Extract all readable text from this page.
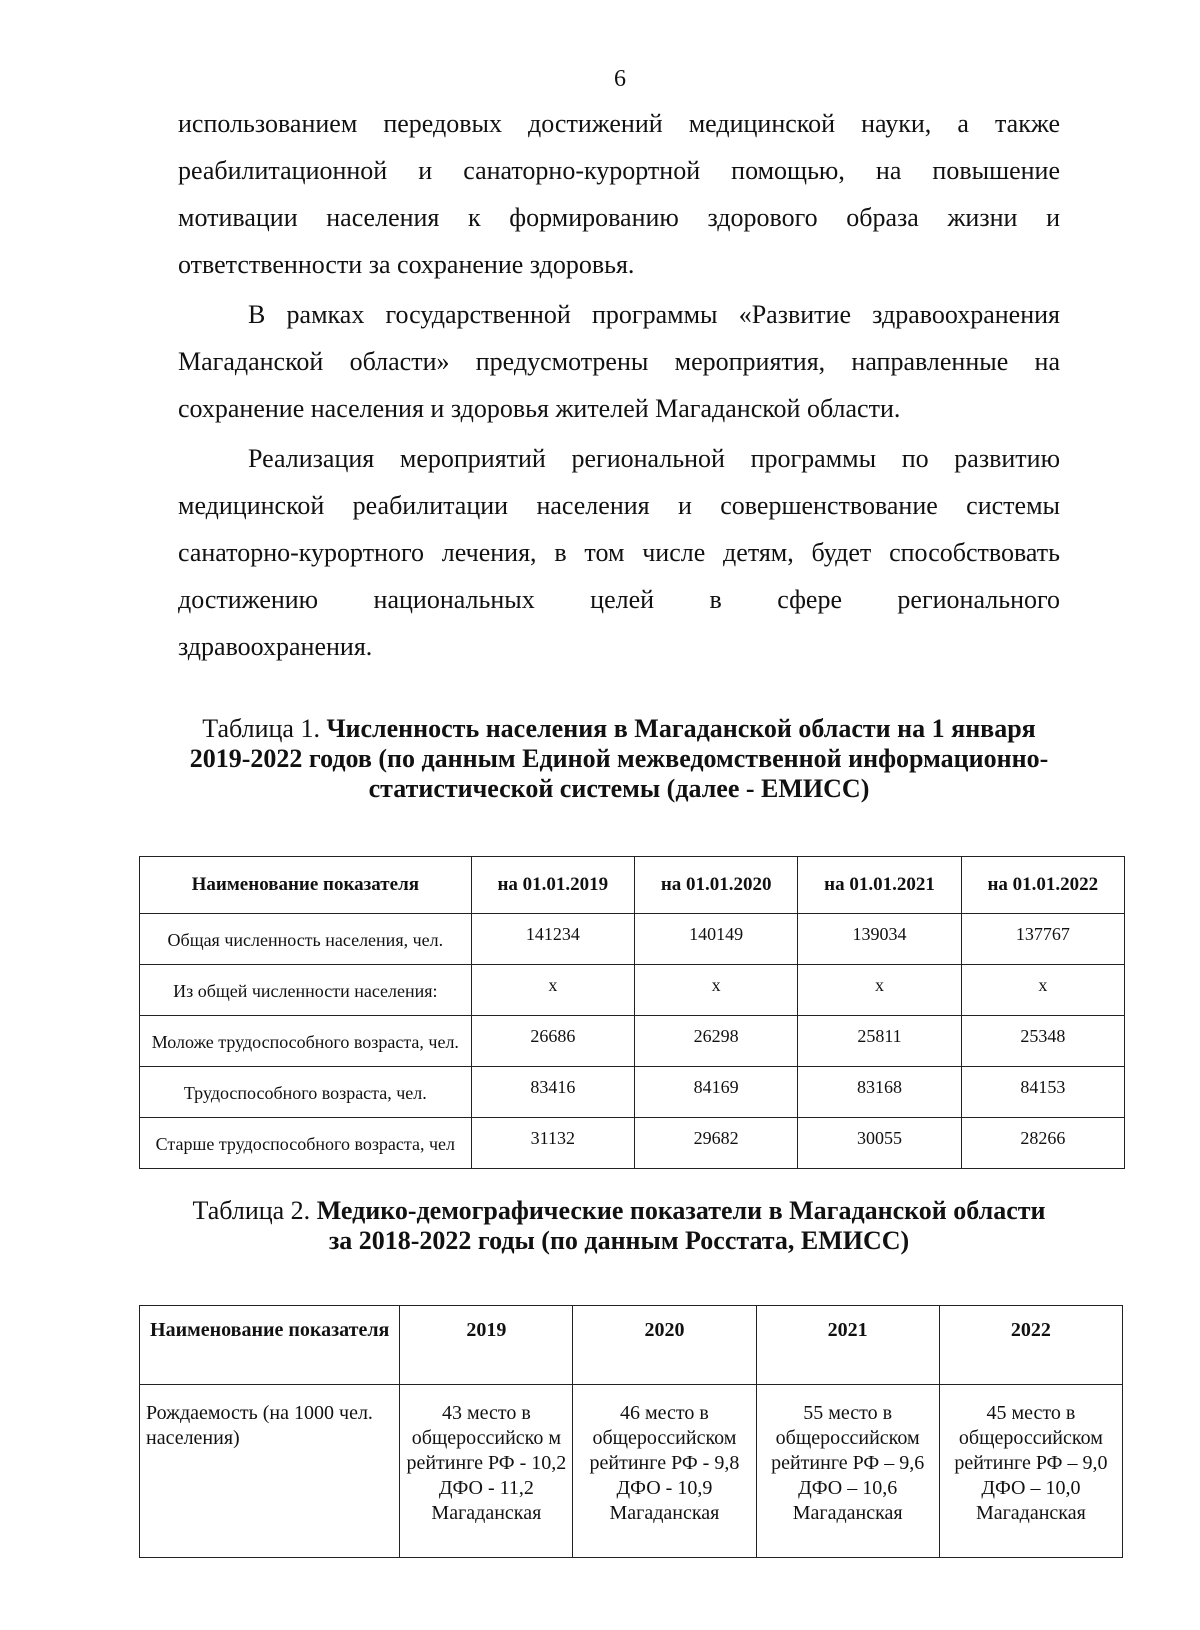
6

использованием передовых достижений медицинской науки, а также реабилитационной и санаторно-курортной помощью, на повышение мотивации населения к формированию здорового образа жизни и ответственности за сохранение здоровья.

В рамках государственной программы «Развитие здравоохранения Магаданской области» предусмотрены мероприятия, направленные на сохранение населения и здоровья жителей Магаданской области.

Реализация мероприятий региональной программы по развитию медицинской реабилитации населения и совершенствование системы санаторно-курортного лечения, в том числе детям, будет способствовать достижению национальных целей в сфере регионального

здравоохранения.

Таблица 1. Численность населения в Магаданской области на 1 января 2019-2022 годов (по данным Единой межведомственной информационно-статистической системы (далее - ЕМИСС)
Наименование показателя	на 01.01.2019	на 01.01.2020	на 01.01.2021	на 01.01.2022
Общая численность населения, чел.	141234	140149	139034	137767
Из общей численности населения:	х	х	х	х
Моложе трудоспособного возраста, чел.	26686	26298	25811	25348
Трудоспособного возраста, чел.	83416	84169	83168	84153
Старше трудоспособного возраста, чел	31132	29682	30055	28266
Таблица 2. Медико-демографические показатели в Магаданской области за 2018-2022 годы (по данным Росстата, ЕМИСС)
Наименование показателя	2019	2020	2021	2022
Рождаемость (на 1000 чел. населения)	43 место в общероссийско м рейтинге РФ - 10,2 ДФО - 11,2 Магаданская	46 место в общероссийском рейтинге РФ - 9,8 ДФО - 10,9 Магаданская	55 место в общероссийском рейтинге РФ – 9,6 ДФО – 10,6 Магаданская	45 место в общероссийском рейтинге РФ – 9,0 ДФО – 10,0 Магаданская
